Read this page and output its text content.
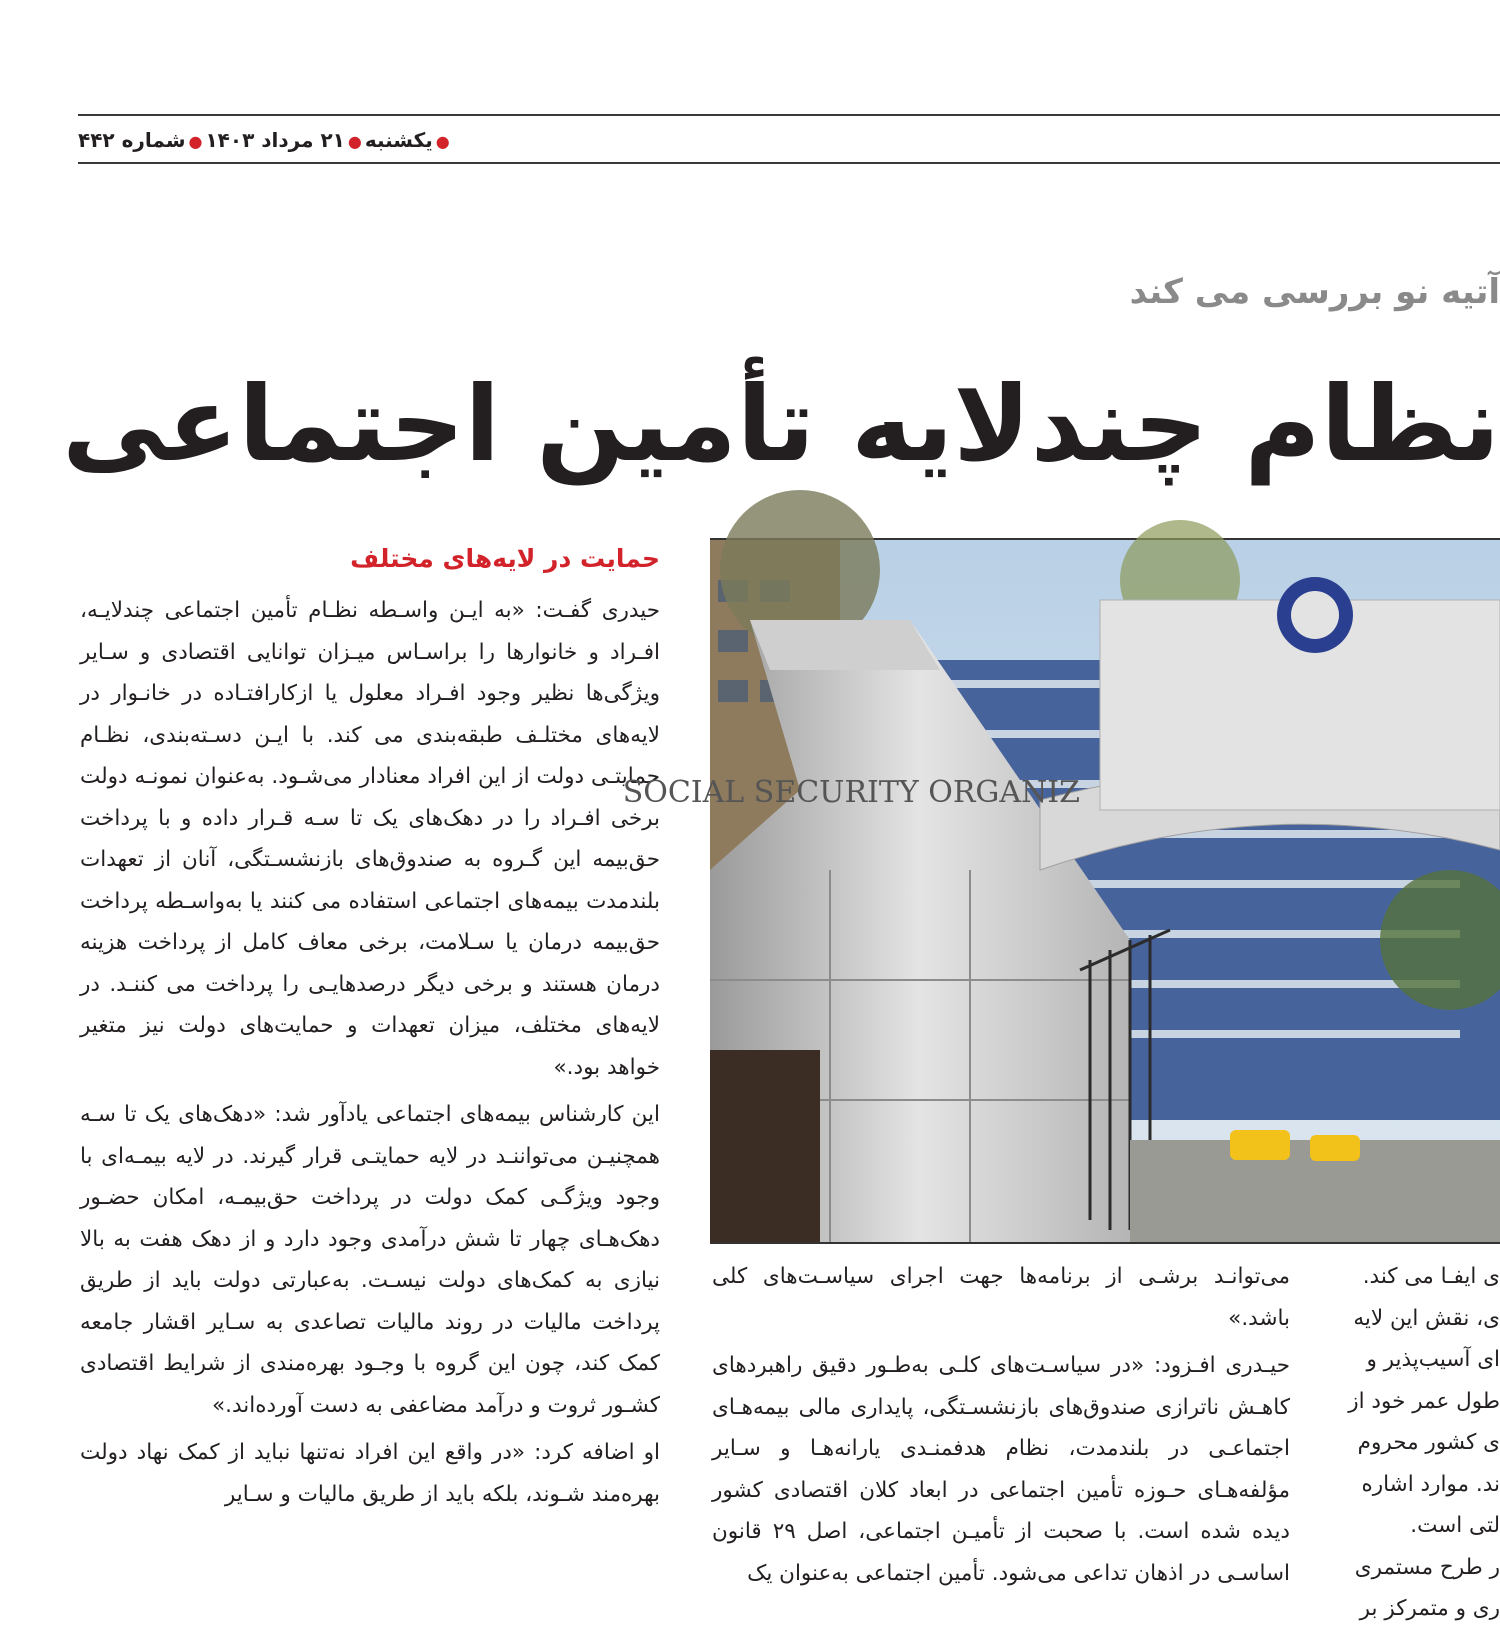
●یکشنبه●۲۱ مرداد ۱۴۰۳●شماره ۴۴۲
آتیه نو بررسی می کند
نظام چندلایه تأمین اجتماعی
حمایت در لایه‌های مختلف

حیدری گفـت: «به ایـن واسـطه نظـام تأمین اجتماعی چندلایـه، افـراد و خانوارها را براسـاس میـزان توانایی اقتصادی و سـایر ویژگی‌ها نظیر وجود افـراد معلول یا ازکارافتـاده در خانـوار در لایه‌های مختلـف طبقه‌بندی می کند. با ایـن دسـته‌بندی، نظـام حمایتـی دولت از این افراد معنادار می‌شـود. به‌عنوان نمونـه دولت برخی افـراد را در دهک‌های یک تا سـه قـرار داده و با پرداخت حق‌بیمه این گـروه به صندوق‌های بازنشسـتگی، آنان از تعهدات بلندمدت بیمه‌های اجتماعی استفاده می کنند یا به‌واسـطه پرداخت حق‌بیمه درمان یا سـلامت، برخی معاف کامل از پرداخت هزینه درمان هستند و برخی دیگر درصدهایـی را پرداخت می کننـد. در لایه‌های مختلف، میزان تعهدات و حمایت‌های دولت نیز متغیر خواهد بود.»

این کارشناس بیمه‌های اجتماعی یادآور شد: «دهک‌های یک تا سـه همچنیـن می‌تواننـد در لایه حمایتـی قرار گیرند. در لایه بیمـه‌ای با وجود ویژگـی کمک دولت در پرداخت حق‌بیمـه، امکان حضـور دهک‌هـای چهار تا شش درآمدی وجود دارد و از دهک هفت به بالا نیازی به کمک‌های دولت نیسـت. به‌عبارتی دولت باید از طریق پرداخت مالیات در روند مالیات تصاعدی به سـایر اقشار جامعه کمک کند، چون این گروه با وجـود بهره‌مندی از شرایط اقتصادی کشـور ثروت و درآمد مضاعفی به دست آورده‌اند.»

او اضافه کرد: «در واقع این افراد نه‌تنها نباید از کمک نهاد دولت بهره‌مند شـوند، بلکه باید از طریق مالیات و سـایر

SOCIAL SECURITY ORGANIZ

می‌توانـد برشـی از برنامه‌ها جهت اجرای سیاسـت‌های کلی باشد.»

حیـدری افـزود: «در سیاسـت‌های کلـی به‌طـور دقیق راهبردهای کاهـش ناترازی صندوق‌های بازنشسـتگی، پایداری مالی بیمه‌هـای اجتماعـی در بلندمدت، نظام هدفمنـدی یارانه‌هـا و سـایر مؤلفه‌هـای حـوزه تأمین اجتماعی در ابعاد کلان اقتصادی کشور دیده شده است. با صحبت از تأمیـن اجتماعی، اصل ۲۹ قانون اساسـی در اذهان تداعی می‌شود. تأمین اجتماعی به‌عنوان یک

ی ایفـا می کند.
ی، نقش این لایه
ای آسیب‌پذیر و
طول عمر خود از
ی کشور محروم
ند. موارد اشاره
لتی است.
ر طرح مستمری
ری و متمرکز بر
